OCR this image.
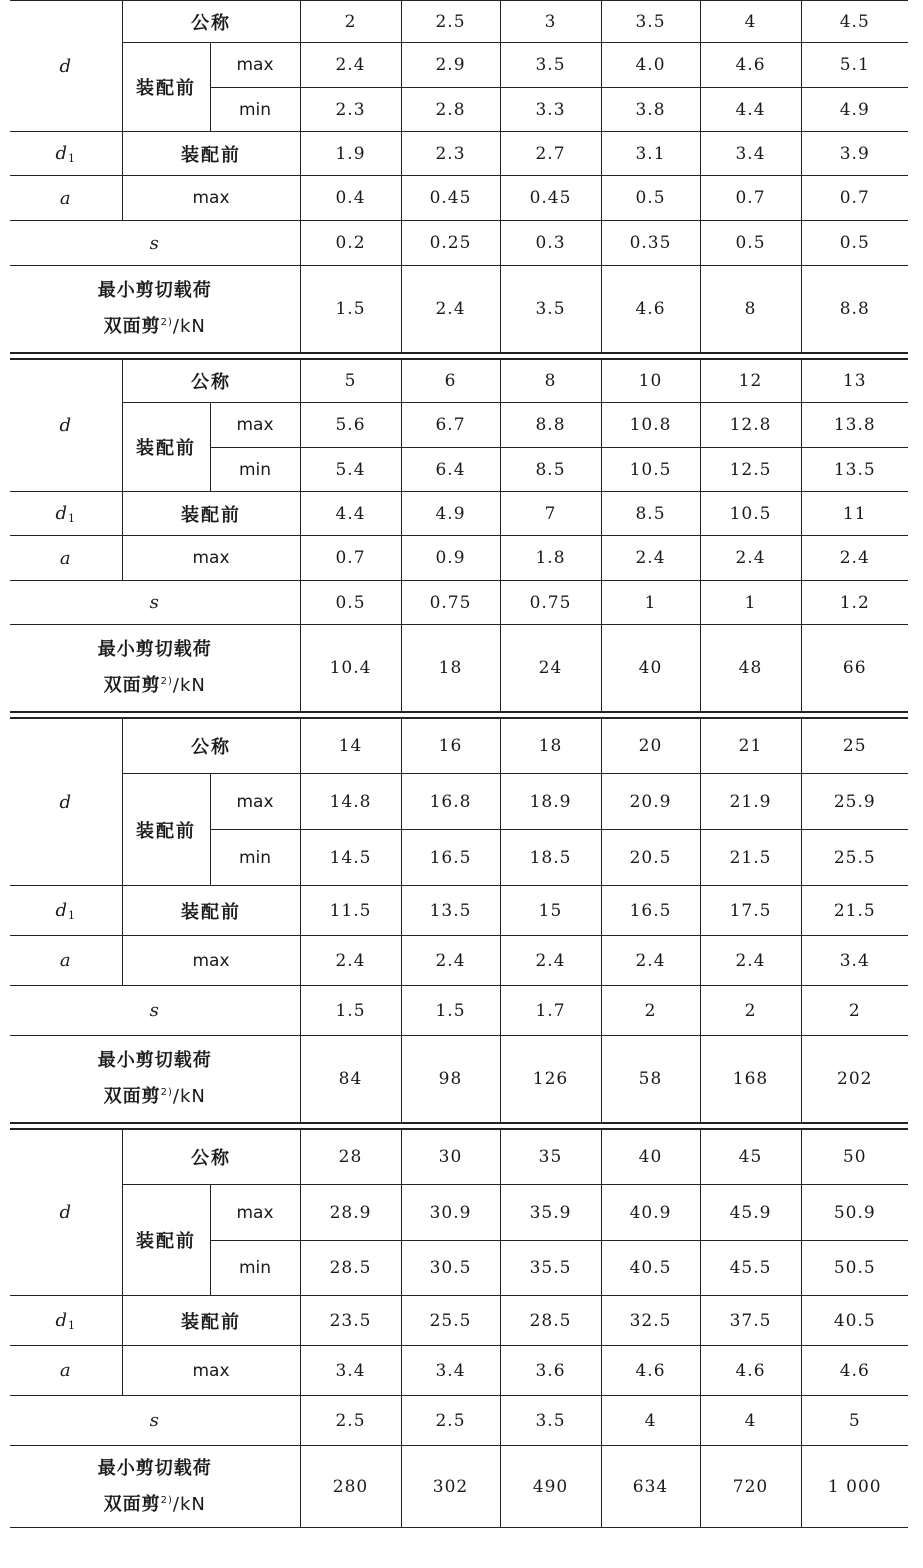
d	公称		2	2.5	3	3.5	4	4.5
	装配前	max	2.4	2.9	3.5	4.0	4.6	5.1
		min	2.3	2.8	3.3	3.8	4.4	4.9
d1	装配前		1.9	2.3	2.7	3.1	3.4	3.9
a	max		0.4	0.45	0.45	0.5	0.7	0.7
s			0.2	0.25	0.3	0.35	0.5	0.5

最小剪切载荷
双面剪$^{2)}$/kN			1.5	2.4	3.5	4.6	8	8.8
d	公称		5	6	8	10	12	13
	装配前	max	5.6	6.7	8.8	10.8	12.8	13.8
		min	5.4	6.4	8.5	10.5	12.5	13.5
d1	装配前		4.4	4.9	7	8.5	10.5	11
a	max		0.7	0.9	1.8	2.4	2.4	2.4
s			0.5	0.75	0.75	1	1	1.2

最小剪切载荷
双面剪$^{2)}$/kN			10.4	18	24	40	48	66
d	公称		14	16	18	20	21	25
	装配前	max	14.8	16.8	18.9	20.9	21.9	25.9
		min	14.5	16.5	18.5	20.5	21.5	25.5
d1	装配前		11.5	13.5	15	16.5	17.5	21.5
a	max		2.4	2.4	2.4	2.4	2.4	3.4
s			1.5	1.5	1.7	2	2	2

最小剪切载荷
双面剪$^{2)}$/kN			84	98	126	58	168	202
d	公称		28	30	35	40	45	50
	装配前	max	28.9	30.9	35.9	40.9	45.9	50.9
		min	28.5	30.5	35.5	40.5	45.5	50.5
d1	装配前		23.5	25.5	28.5	32.5	37.5	40.5
a	max		3.4	3.4	3.6	4.6	4.6	4.6
s			2.5	2.5	3.5	4	4	5

最小剪切载荷
双面剪$^{2)}$/kN			280	302	490	634	720	1 000
